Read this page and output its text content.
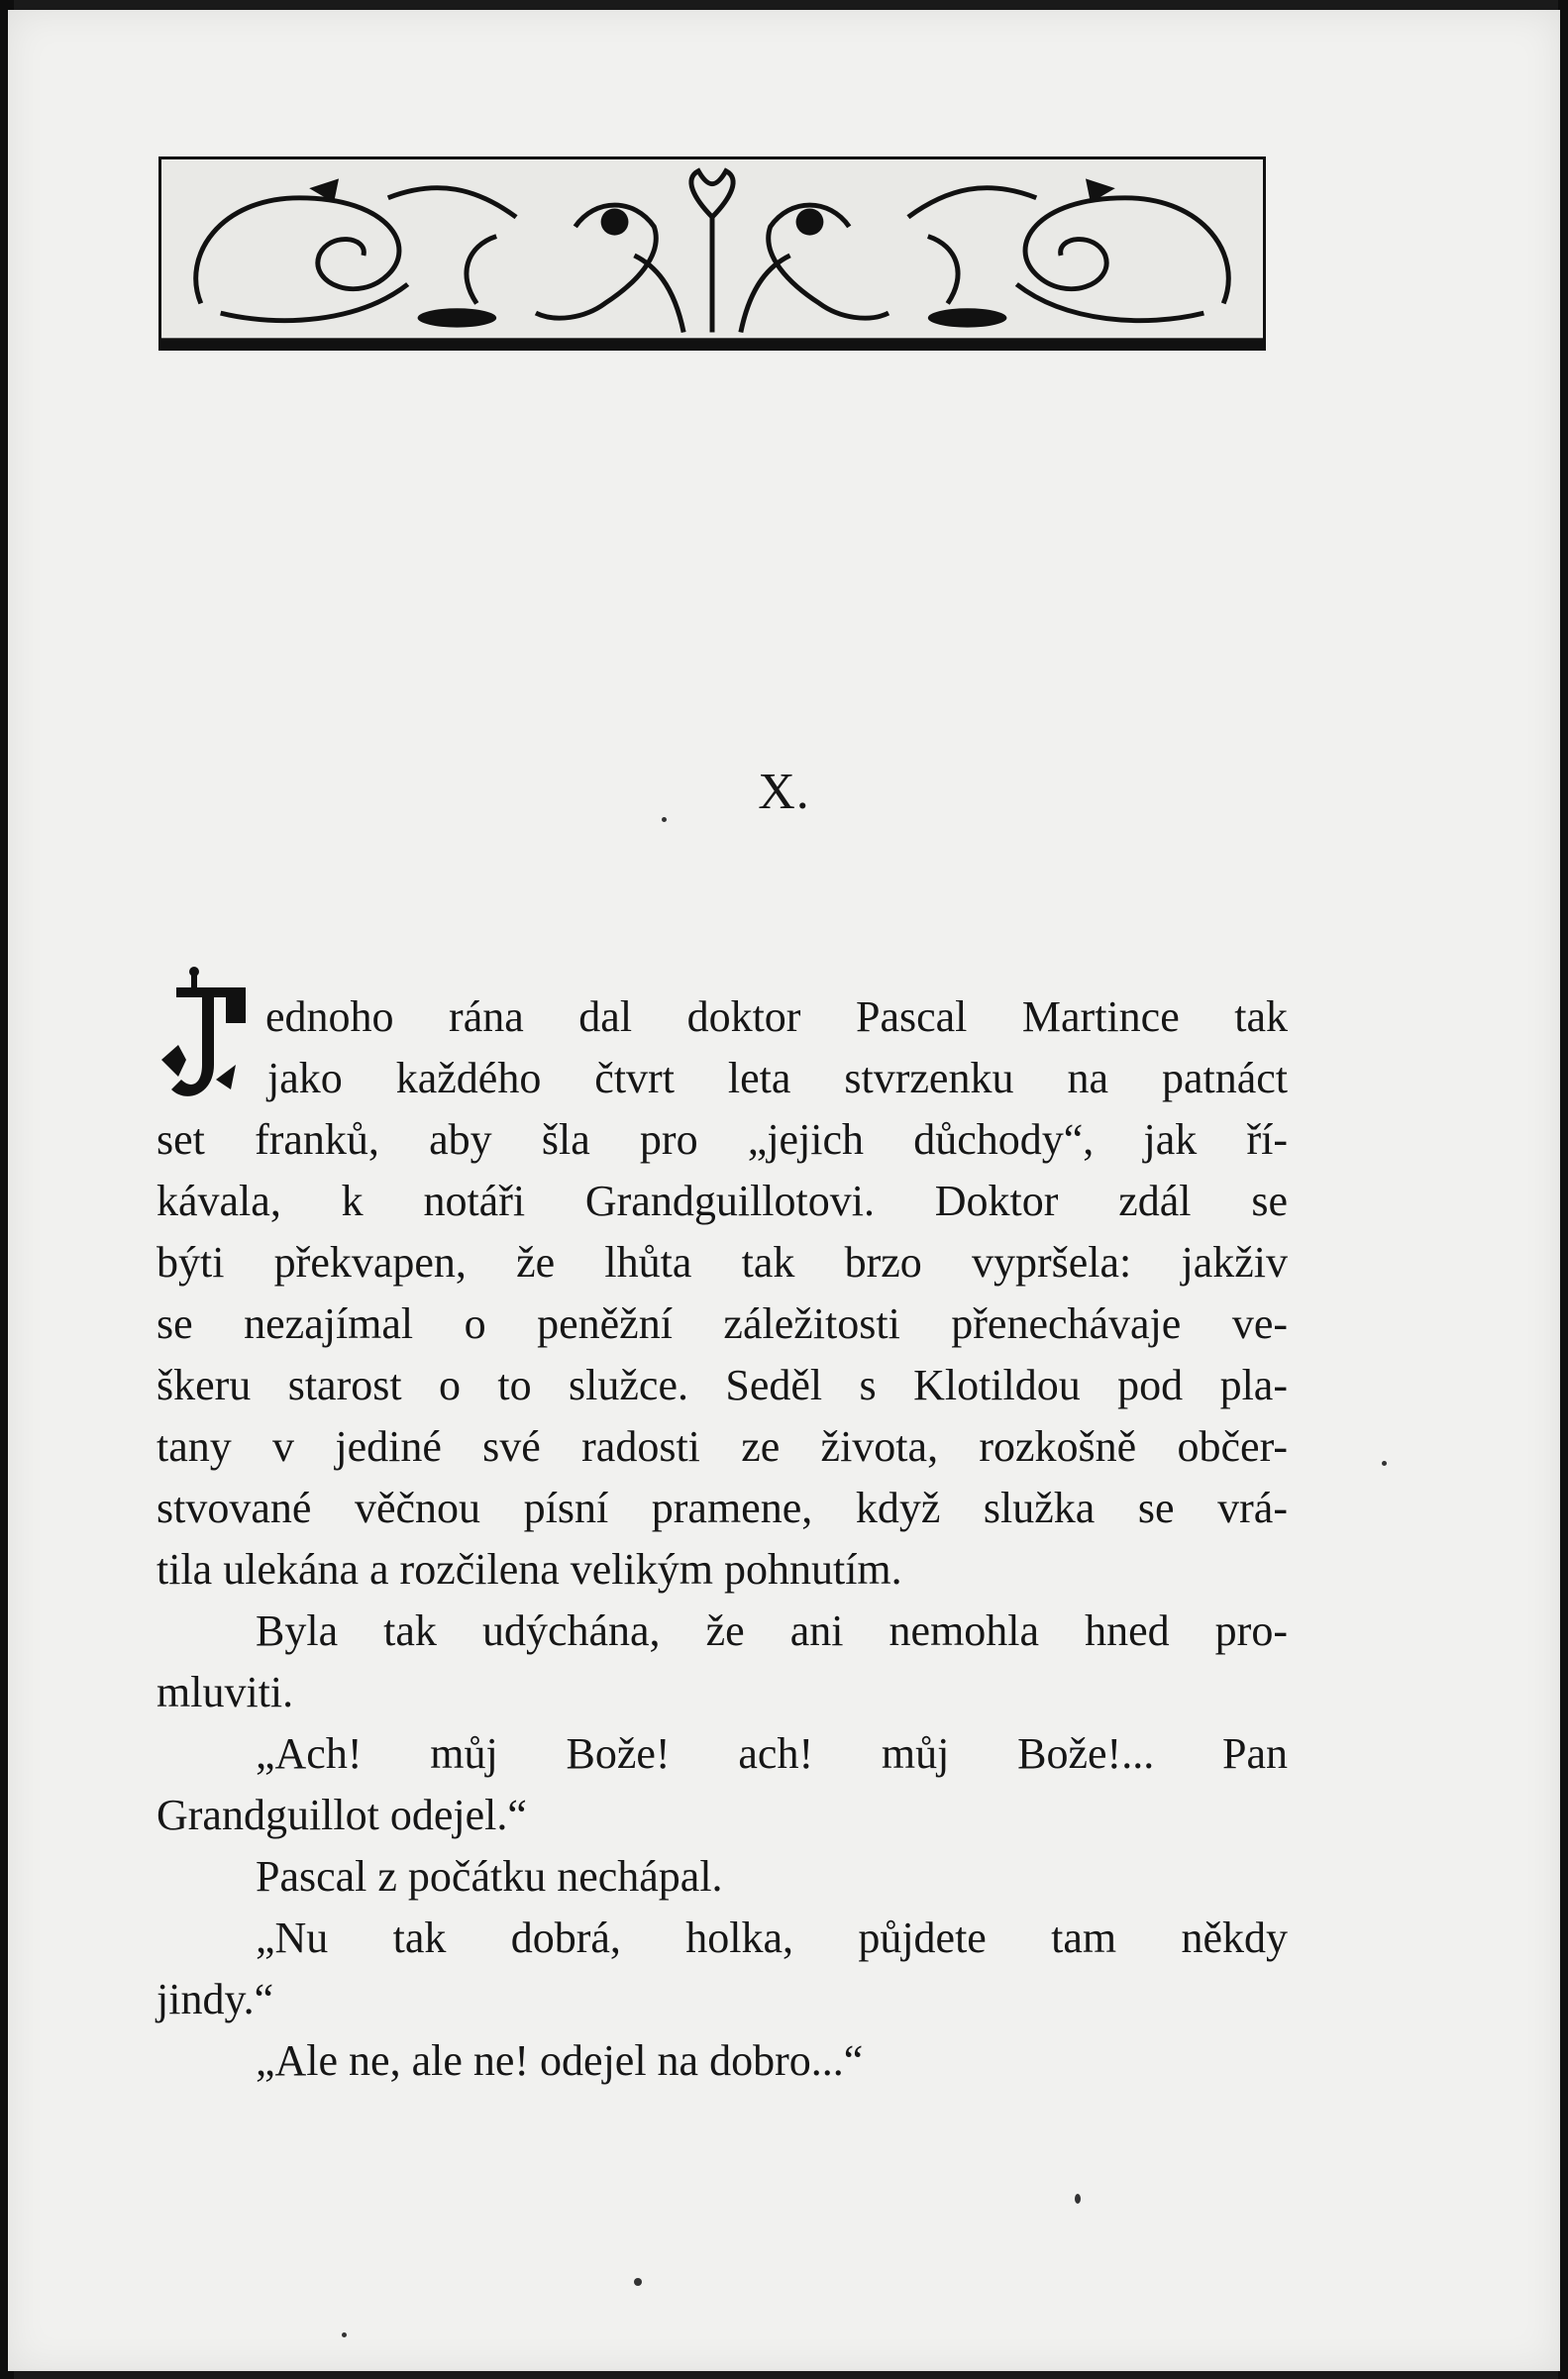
X.
ednoho rána dal doktor Pascal Martince tak
jako každého čtvrt leta stvrzenku na patnáct
set franků, aby šla pro „jejich důchody“, jak ří-
kávala, k notáři Grandguillotovi. Doktor zdál se
býti překvapen, že lhůta tak brzo vypršela: jakživ
se nezajímal o peněžní záležitosti přenechávaje ve-
škeru starost o to služce. Seděl s Klotildou pod pla-
tany v jediné své radosti ze života, rozkošně občer-
stvované věčnou písní pramene, když služka se vrá-
tila ulekána a rozčilena velikým pohnutím.
Byla tak udýchána, že ani nemohla hned pro-
mluviti.
„Ach! můj Bože! ach! můj Bože!... Pan
Grandguillot odejel.“
Pascal z počátku nechápal.
„Nu tak dobrá, holka, půjdete tam někdy
jindy.“
„Ale ne, ale ne! odejel na dobro...“
